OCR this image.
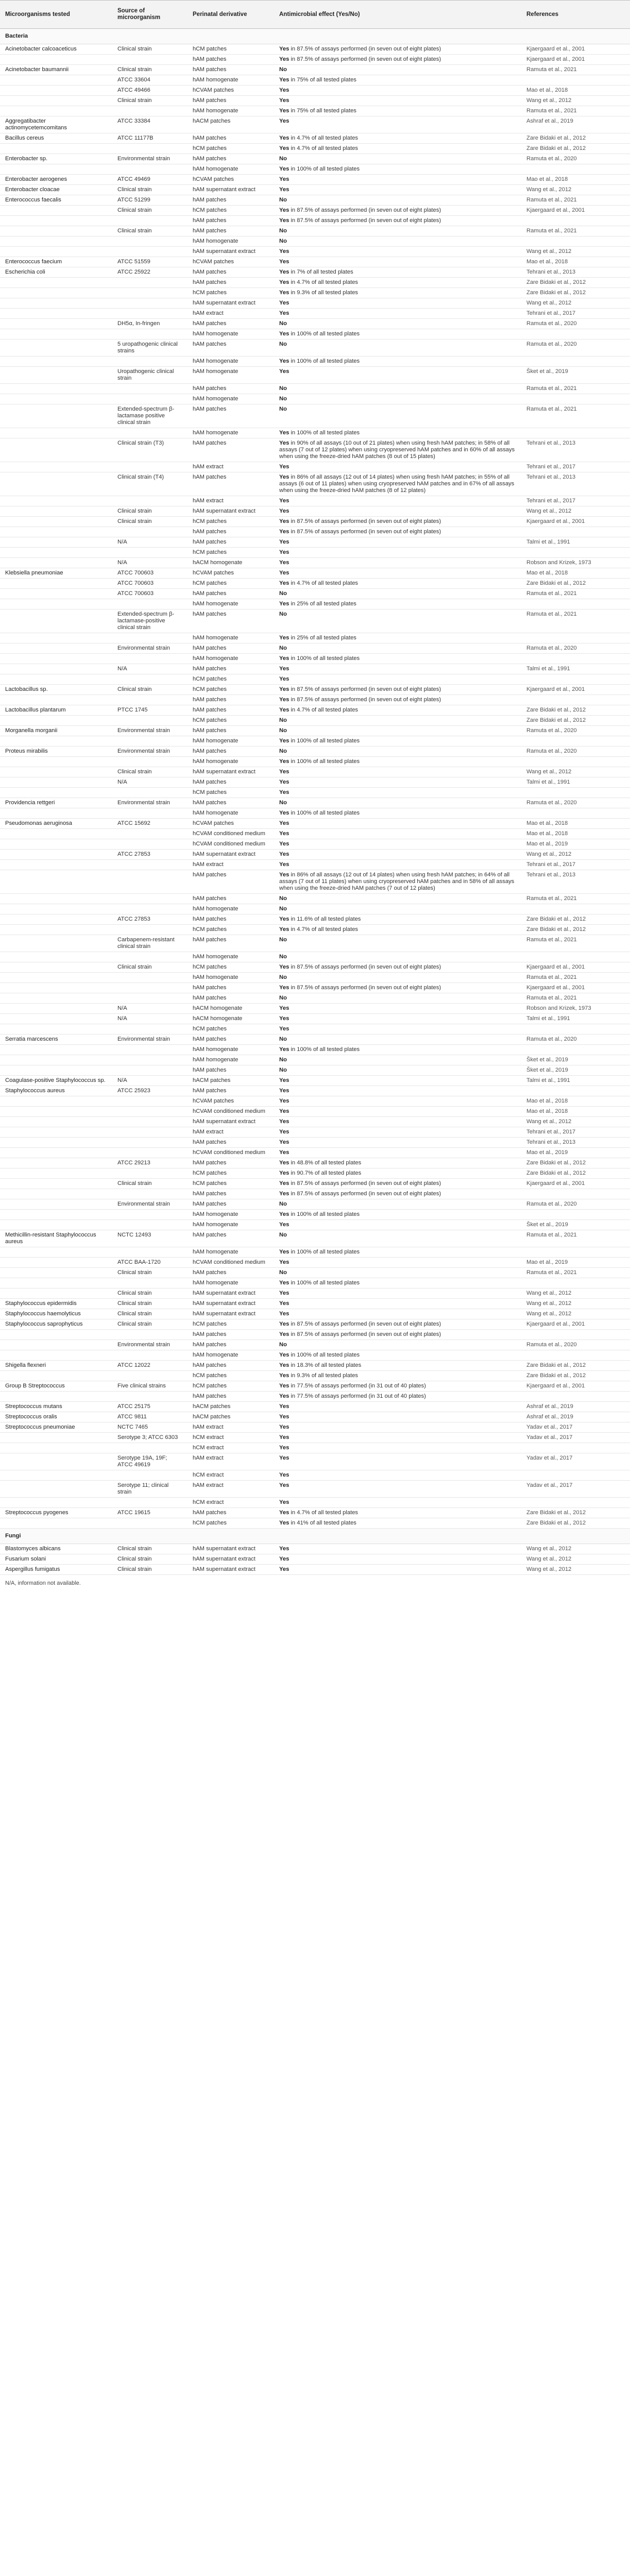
Microorganisms tested	Source of microorganism	Perinatal derivative	Antimicrobial effect (Yes/No)	References
Bacteria				
Acinetobacter calcoaceticus	Clinical strain	hCM patches	Yes in 87.5% of assays performed (in seven out of eight plates)	Kjaergaard et al., 2001
		hAM patches	Yes in 87.5% of assays performed (in seven out of eight plates)	Kjaergaard et al., 2001
Acinetobacter baumannii	Clinical strain	hAM patches	No	Ramuta et al., 2021
	ATCC 33604	hAM homogenate	Yes in 75% of all tested plates	
	ATCC 49466	hCVAM patches	Yes	Mao et al., 2018
	Clinical strain	hAM patches	Yes	Wang et al., 2012
		hAM homogenate	Yes in 75% of all tested plates	Ramuta et al., 2021
Aggregatibacter actinomycetemcomitans	ATCC 33384	hACM patches	Yes	Ashraf et al., 2019
Bacillus cereus	ATCC 11177B	hAM patches	Yes in 4.7% of all tested plates	Zare Bidaki et al., 2012
		hCM patches	Yes in 4.7% of all tested plates	Zare Bidaki et al., 2012
Enterobacter sp.	Environmental strain	hAM patches	No	Ramuta et al., 2020
		hAM homogenate	Yes in 100% of all tested plates	
Enterobacter aerogenes	ATCC 49469	hCVAM patches	Yes	Mao et al., 2018
Enterobacter cloacae	Clinical strain	hAM supernatant extract	Yes	Wang et al., 2012
Enterococcus faecalis	ATCC 51299	hAM patches	No	Ramuta et al., 2021
	Clinical strain	hCM patches	Yes in 87.5% of assays performed (in seven out of eight plates)	Kjaergaard et al., 2001
		hAM patches	Yes in 87.5% of assays performed (in seven out of eight plates)	
	Clinical strain	hAM patches	No	Ramuta et al., 2021
		hAM homogenate	No	
		hAM supernatant extract	Yes	Wang et al., 2012
Enterococcus faecium	ATCC 51559	hCVAM patches	Yes	Mao et al., 2018
Escherichia coli	ATCC 25922	hAM patches	Yes in 7% of all tested plates	Tehrani et al., 2013
		hAM patches	Yes in 4.7% of all tested plates	Zare Bidaki et al., 2012
		hCM patches	Yes in 9.3% of all tested plates	Zare Bidaki et al., 2012
		hAM supernatant extract	Yes	Wang et al., 2012
		hAM extract	Yes	Tehrani et al., 2017
	DH5α, In-fringen	hAM patches	No	Ramuta et al., 2020
		hAM homogenate	Yes in 100% of all tested plates	
	5 uropathogenic clinical strains	hAM patches	No	Ramuta et al., 2020
		hAM homogenate	Yes in 100% of all tested plates	
	Uropathogenic clinical strain	hAM homogenate	Yes	Šket et al., 2019
		hAM patches	No	Ramuta et al., 2021
		hAM homogenate	No	
	Extended-spectrum β-lactamase positive clinical strain	hAM patches	No	Ramuta et al., 2021
		hAM homogenate	Yes in 100% of all tested plates	
	Clinical strain (T3)	hAM patches	Yes in 90% of all assays (10 out of 21 plates) when using fresh hAM patches; in 58% of all assays (7 out of 12 plates) when using cryopreserved hAM patches and in 60% of all assays when using the freeze-dried hAM patches (8 out of 15 plates)	Tehrani et al., 2013
		hAM extract	Yes	Tehrani et al., 2017
	Clinical strain (T4)	hAM patches	Yes in 86% of all assays (12 out of 14 plates) when using fresh hAM patches; in 55% of all assays (6 out of 11 plates) when using cryopreserved hAM patches and in 67% of all assays when using the freeze-dried hAM patches (8 of 12 plates)	Tehrani et al., 2013
		hAM extract	Yes	Tehrani et al., 2017
	Clinical strain	hAM supernatant extract	Yes	Wang et al., 2012
	Clinical strain	hCM patches	Yes in 87.5% of assays performed (in seven out of eight plates)	Kjaergaard et al., 2001
		hAM patches	Yes in 87.5% of assays performed (in seven out of eight plates)	
	N/A	hAM patches	Yes	Talmi et al., 1991
		hCM patches	Yes	
	N/A	hACM homogenate	Yes	Robson and Krizek, 1973
Klebsiella pneumoniae	ATCC 700603	hCVAM patches	Yes	Mao et al., 2018
	ATCC 700603	hCM patches	Yes in 4.7% of all tested plates	Zare Bidaki et al., 2012
	ATCC 700603	hAM patches	No	Ramuta et al., 2021
		hAM homogenate	Yes in 25% of all tested plates	
	Extended-spectrum β-lactamase-positive clinical strain	hAM patches	No	Ramuta et al., 2021
		hAM homogenate	Yes in 25% of all tested plates	
	Environmental strain	hAM patches	No	Ramuta et al., 2020
		hAM homogenate	Yes in 100% of all tested plates	
	N/A	hAM patches	Yes	Talmi et al., 1991
		hCM patches	Yes	
Lactobacillus sp.	Clinical strain	hCM patches	Yes in 87.5% of assays performed (in seven out of eight plates)	Kjaergaard et al., 2001
		hAM patches	Yes in 87.5% of assays performed (in seven out of eight plates)	
Lactobacillus plantarum	PTCC 1745	hAM patches	Yes in 4.7% of all tested plates	Zare Bidaki et al., 2012
		hCM patches	No	Zare Bidaki et al., 2012
Morganella morganii	Environmental strain	hAM patches	No	Ramuta et al., 2020
		hAM homogenate	Yes in 100% of all tested plates	
Proteus mirabilis	Environmental strain	hAM patches	No	Ramuta et al., 2020
		hAM homogenate	Yes in 100% of all tested plates	
	Clinical strain	hAM supernatant extract	Yes	Wang et al., 2012
	N/A	hAM patches	Yes	Talmi et al., 1991
		hCM patches	Yes	
Providencia rettgeri	Environmental strain	hAM patches	No	Ramuta et al., 2020
		hAM homogenate	Yes in 100% of all tested plates	
Pseudomonas aeruginosa	ATCC 15692	hCVAM patches	Yes	Mao et al., 2018
		hCVAM conditioned medium	Yes	Mao et al., 2018
		hCVAM conditioned medium	Yes	Mao et al., 2019
	ATCC 27853	hAM supernatant extract	Yes	Wang et al., 2012
		hAM extract	Yes	Tehrani et al., 2017
		hAM patches	Yes in 86% of all assays (12 out of 14 plates) when using fresh hAM patches; in 64% of all assays (7 out of 11 plates) when using cryopreserved hAM patches and in 58% of all assays when using the freeze-dried hAM patches (7 out of 12 plates)	Tehrani et al., 2013
		hAM patches	No	Ramuta et al., 2021
		hAM homogenate	No	
	ATCC 27853	hAM patches	Yes in 11.6% of all tested plates	Zare Bidaki et al., 2012
		hCM patches	Yes in 4.7% of all tested plates	Zare Bidaki et al., 2012
	Carbapenem-resistant clinical strain	hAM patches	No	Ramuta et al., 2021
		hAM homogenate	No	
	Clinical strain	hCM patches	Yes in 87.5% of assays performed (in seven out of eight plates)	Kjaergaard et al., 2001
		hAM homogenate	No	Ramuta et al., 2021
		hAM patches	Yes in 87.5% of assays performed (in seven out of eight plates)	Kjaergaard et al., 2001
		hAM patches	No	Ramuta et al., 2021
	N/A	hACM homogenate	Yes	Robson and Krizek, 1973
	N/A	hACM homogenate	Yes	Talmi et al., 1991
		hCM patches	Yes	
Serratia marcescens	Environmental strain	hAM patches	No	Ramuta et al., 2020
		hAM homogenate	Yes in 100% of all tested plates	
		hAM homogenate	No	Šket et al., 2019
		hAM patches	No	Šket et al., 2019
Coagulase-positive Staphylococcus sp.	N/A	hACM patches	Yes	Talmi et al., 1991
Staphylococcus aureus	ATCC 25923	hAM patches	Yes	
		hCVAM patches	Yes	Mao et al., 2018
		hCVAM conditioned medium	Yes	Mao et al., 2018
		hAM supernatant extract	Yes	Wang et al., 2012
		hAM extract	Yes	Tehrani et al., 2017
		hAM patches	Yes	Tehrani et al., 2013
		hCVAM conditioned medium	Yes	Mao et al., 2019
	ATCC 29213	hAM patches	Yes in 48.8% of all tested plates	Zare Bidaki et al., 2012
		hCM patches	Yes in 90.7% of all tested plates	Zare Bidaki et al., 2012
	Clinical strain	hCM patches	Yes in 87.5% of assays performed (in seven out of eight plates)	Kjaergaard et al., 2001
		hAM patches	Yes in 87.5% of assays performed (in seven out of eight plates)	
	Environmental strain	hAM patches	No	Ramuta et al., 2020
		hAM homogenate	Yes in 100% of all tested plates	
		hAM homogenate	Yes	Šket et al., 2019
Methicillin-resistant Staphylococcus aureus	NCTC 12493	hAM patches	No	Ramuta et al., 2021
		hAM homogenate	Yes in 100% of all tested plates	
	ATCC BAA-1720	hCVAM conditioned medium	Yes	Mao et al., 2019
	Clinical strain	hAM patches	No	Ramuta et al., 2021
		hAM homogenate	Yes in 100% of all tested plates	
	Clinical strain	hAM supernatant extract	Yes	Wang et al., 2012
Staphylococcus epidermidis	Clinical strain	hAM supernatant extract	Yes	Wang et al., 2012
Staphylococcus haemolyticus	Clinical strain	hAM supernatant extract	Yes	Wang et al., 2012
Staphylococcus saprophyticus	Clinical strain	hCM patches	Yes in 87.5% of assays performed (in seven out of eight plates)	Kjaergaard et al., 2001
		hAM patches	Yes in 87.5% of assays performed (in seven out of eight plates)	
	Environmental strain	hAM patches	No	Ramuta et al., 2020
		hAM homogenate	Yes in 100% of all tested plates	
Shigella flexneri	ATCC 12022	hAM patches	Yes in 18.3% of all tested plates	Zare Bidaki et al., 2012
		hCM patches	Yes in 9.3% of all tested plates	Zare Bidaki et al., 2012
Group B Streptococcus	Five clinical strains	hCM patches	Yes in 77.5% of assays performed (in 31 out of 40 plates)	Kjaergaard et al., 2001
		hAM patches	Yes in 77.5% of assays performed (in 31 out of 40 plates)	
Streptococcus mutans	ATCC 25175	hACM patches	Yes	Ashraf et al., 2019
Streptococcus oralis	ATCC 9811	hACM patches	Yes	Ashraf et al., 2019
Streptococcus pneumoniae	NCTC 7465	hAM extract	Yes	Yadav et al., 2017
	Serotype 3; ATCC 6303	hCM extract	Yes	Yadav et al., 2017
		hCM extract	Yes	
	Serotype 19A, 19F; ATCC 49619	hAM extract	Yes	Yadav et al., 2017
		hCM extract	Yes	
	Serotype 11; clinical strain	hAM extract	Yes	Yadav et al., 2017
		hCM extract	Yes	
Streptococcus pyogenes	ATCC 19615	hAM patches	Yes in 4.7% of all tested plates	Zare Bidaki et al., 2012
		hCM patches	Yes in 41% of all tested plates	Zare Bidaki et al., 2012
Fungi				
Blastomyces albicans	Clinical strain	hAM supernatant extract	Yes	Wang et al., 2012
Fusarium solani	Clinical strain	hAM supernatant extract	Yes	Wang et al., 2012
Aspergillus fumigatus	Clinical strain	hAM supernatant extract	Yes	Wang et al., 2012
N/A, information not available.
